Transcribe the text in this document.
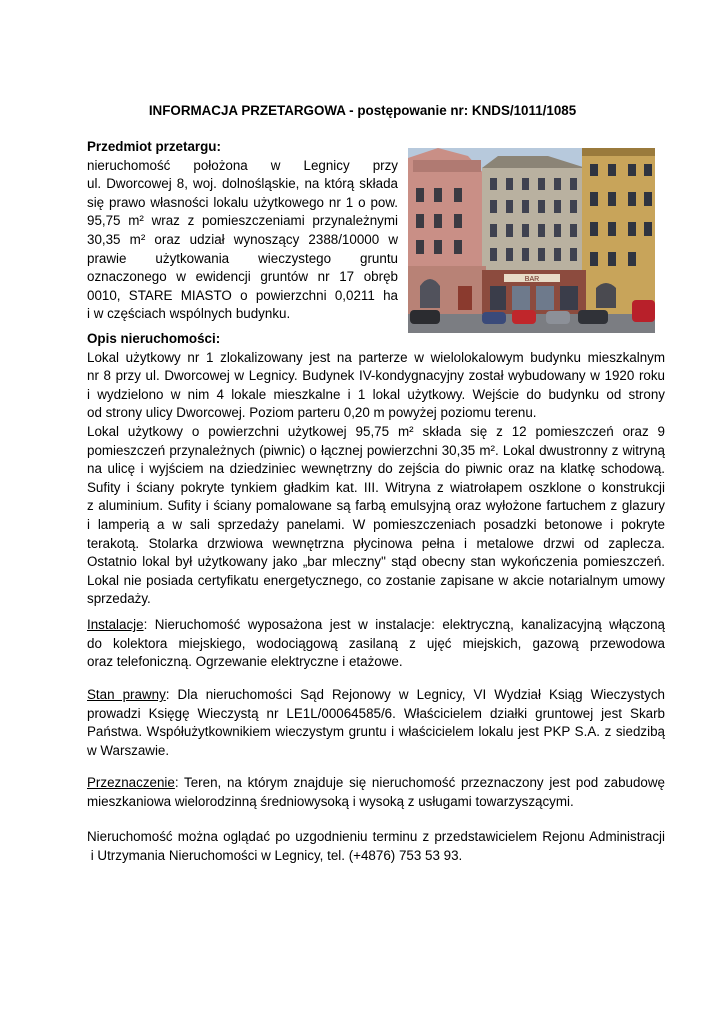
INFORMACJA PRZETARGOWA - postępowanie nr: KNDS/1011/1085
Przedmiot przetargu:
nieruchomość położona w Legnicy przy
ul. Dworcowej 8, woj. dolnośląskie, na którą składa
się prawo własności lokalu użytkowego nr 1 o pow.
95,75 m² wraz z pomieszczeniami przynależnymi
30,35 m² oraz udział wynoszący 2388/10000 w
prawie użytkowania wieczystego gruntu
oznaczonego w ewidencji gruntów nr 17 obręb
0010, STARE MIASTO o powierzchni 0,0211 ha
i w częściach wspólnych budynku.
BAR
Opis nieruchomości:
Lokal użytkowy nr 1 zlokalizowany jest na parterze w wielolokalowym budynku mieszkalnym
nr 8 przy ul. Dworcowej w Legnicy. Budynek IV-kondygnacyjny został wybudowany w 1920 roku
i wydzielono w nim 4 lokale mieszkalne i 1 lokal użytkowy. Wejście do budynku od strony
od strony ulicy Dworcowej. Poziom parteru 0,20 m powyżej poziomu terenu.
Lokal użytkowy o powierzchni użytkowej 95,75 m² składa się z 12 pomieszczeń oraz 9
pomieszczeń przynależnych (piwnic) o łącznej powierzchni 30,35 m². Lokal dwustronny z witryną
na ulicę i wyjściem na dziedziniec wewnętrzny do zejścia do piwnic oraz na klatkę schodową.
Sufity i ściany pokryte tynkiem gładkim kat. III. Witryna z wiatrołapem oszklone o konstrukcji
z aluminium. Sufity i ściany pomalowane są farbą emulsyjną oraz wyłożone fartuchem z glazury
i lamperią a w sali sprzedaży panelami. W pomieszczeniach posadzki betonowe i pokryte
terakotą. Stolarka drzwiowa wewnętrzna płycinowa pełna i metalowe drzwi od zaplecza.
Ostatnio lokal był użytkowany jako „bar mleczny" stąd obecny stan wykończenia pomieszczeń.
Lokal nie posiada certyfikatu energetycznego, co zostanie zapisane w akcie notarialnym umowy
sprzedaży.
Instalacje: Nieruchomość wyposażona jest w instalacje: elektryczną, kanalizacyjną włączoną
do kolektora miejskiego, wodociągową zasilaną z ujęć miejskich, gazową przewodowa
oraz telefoniczną. Ogrzewanie elektryczne i etażowe.
Stan prawny: Dla nieruchomości Sąd Rejonowy w Legnicy, VI Wydział Ksiąg Wieczystych
prowadzi Księgę Wieczystą nr LE1L/00064585/6. Właścicielem działki gruntowej jest Skarb
Państwa. Współużytkownikiem wieczystym gruntu i właścicielem lokalu jest PKP S.A. z siedzibą
w Warszawie.
Przeznaczenie: Teren, na którym znajduje się nieruchomość przeznaczony jest pod zabudowę
mieszkaniowa wielorodzinną średniowysoką i wysoką z usługami towarzyszącymi.
Nieruchomość można oglądać po uzgodnieniu terminu z przedstawicielem Rejonu Administracji
i Utrzymania Nieruchomości w Legnicy, tel. (+4876) 753 53 93.
